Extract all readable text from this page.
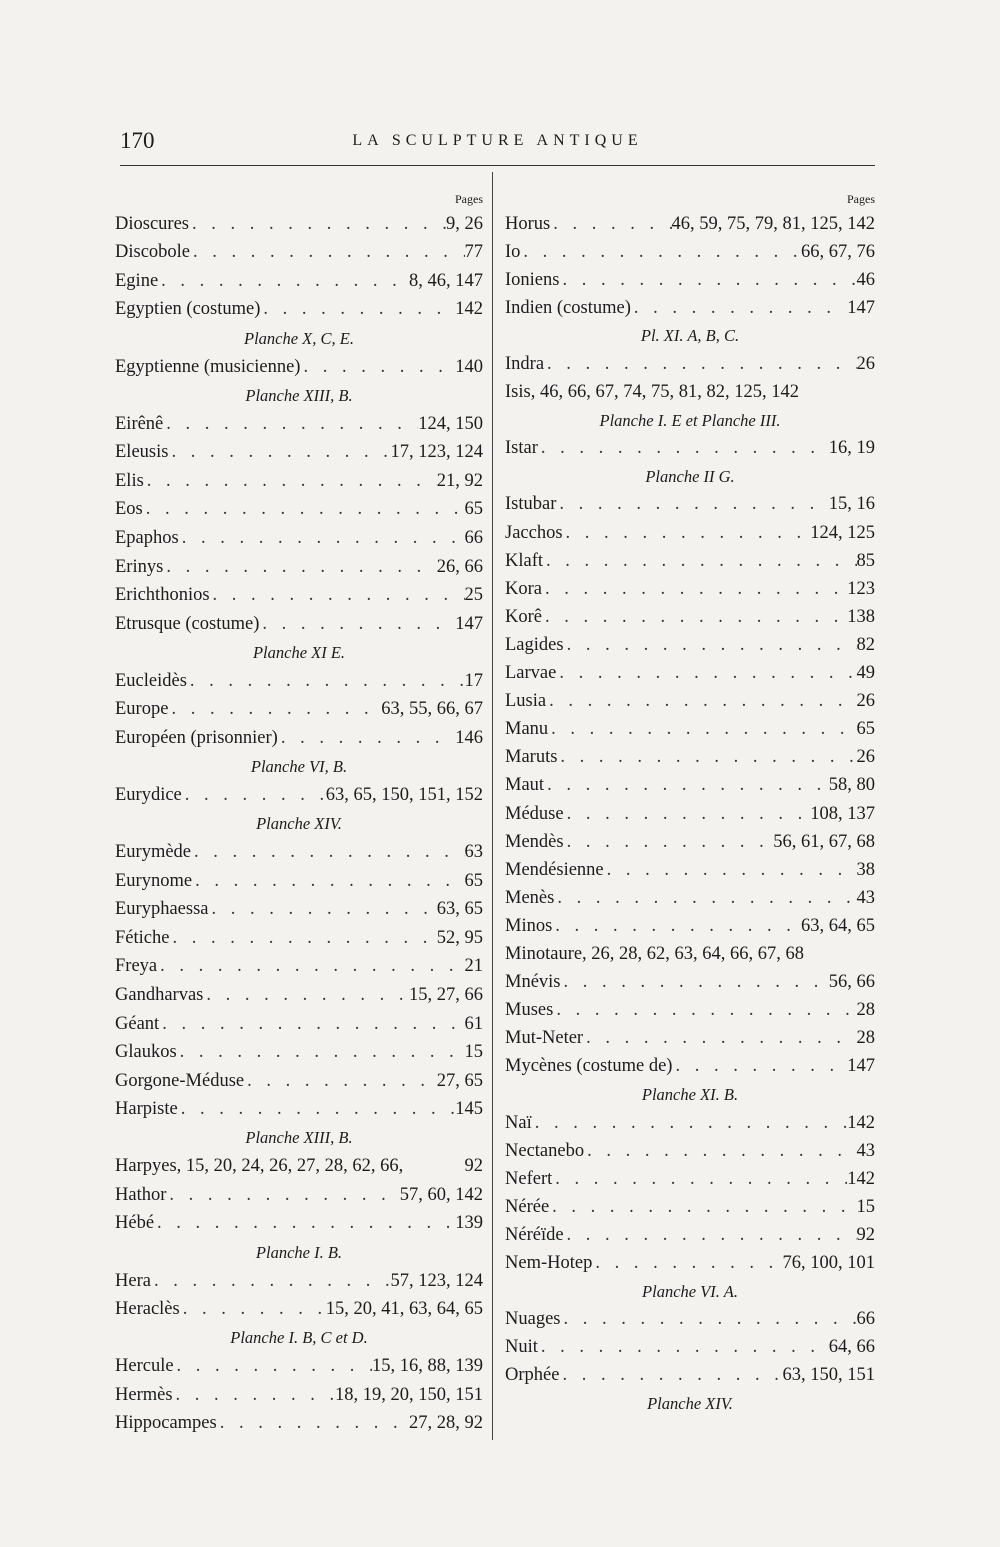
170	LA SCULPTURE ANTIQUE
Pages
Dioscures . . .	9, 26
Discobole . . .	77
Egine . . .	8, 46, 147
Egyptien (costume) . . .	142
Planche X, C, E.
Egyptienne (musicienne) . . .	140
Planche XIII, B.
Eirênê . . .	124, 150
Eleusis . . .	17, 123, 124
Elis . . .	21, 92
Eos . . .	65
Epaphos . . .	66
Erinys . . .	26, 66
Erichthonios . . .	25
Etrusque (costume) . . .	147
Planche XI E.
Eucleidès . . .	17
Europe . . .	63, 55, 66, 67
Européen (prisonnier) . . .	146
Planche VI, B.
Eurydice . . .	63, 65, 150, 151, 152
Planche XIV.
Eurymède . . .	63
Eurynome . . .	65
Euryphaessa . . .	63, 65
Fétiche . . .	52, 95
Freya . . .	21
Gandharvas . . .	15, 27, 66
Géant . . .	61
Glaukos . . .	15
Gorgone-Méduse . . .	27, 65
Harpiste . . .	145
Planche XIII, B.
Harpyes, 15, 20, 24, 26, 27, 28, 62, 66,	92
Hathor . . .	57, 60, 142
Hébé . . .	139
Planche I. B.
Hera . . .	57, 123, 124
Heraclès . . .	15, 20, 41, 63, 64, 65
Planche I. B, C et D.
Hercule . . .	15, 16, 88, 139
Hermès . . .	18, 19, 20, 150, 151
Hippocampes . . .	27, 28, 92
Pages
Horus . . .	46, 59, 75, 79, 81, 125, 142
Io . . .	66, 67, 76
Ioniens . . .	46
Indien (costume) . . .	147
Pl. XI. A, B, C.
Indra . . .	26
Isis, 46, 66, 67, 74, 75, 81, 82, 125, 142
Planche I. E et Planche III.
Istar . . .	16, 19
Planche II G.
Istubar . . .	15, 16
Jacchos . . .	124, 125
Klaft . . .	85
Kora . . .	123
Korê . . .	138
Lagides . . .	82
Larvae . . .	49
Lusia . . .	26
Manu . . .	65
Maruts . . .	26
Maut . . .	58, 80
Méduse . . .	108, 137
Mendès . . .	56, 61, 67, 68
Mendésienne . . .	38
Menès . . .	43
Minos . . .	63, 64, 65
Minotaure, 26, 28, 62, 63, 64, 66, 67, 68
Mnévis . . .	56, 66
Muses . . .	28
Mut-Neter . . .	28
Mycènes (costume de) . . .	147
Planche XI. B.
Naï . . .	142
Nectanebo . . .	43
Nefert . . .	142
Nérée . . .	15
Néréïde . . .	92
Nem-Hotep . . .	76, 100, 101
Planche VI. A.
Nuages . . .	66
Nuit . . .	64, 66
Orphée . . .	63, 150, 151
Planche XIV.
